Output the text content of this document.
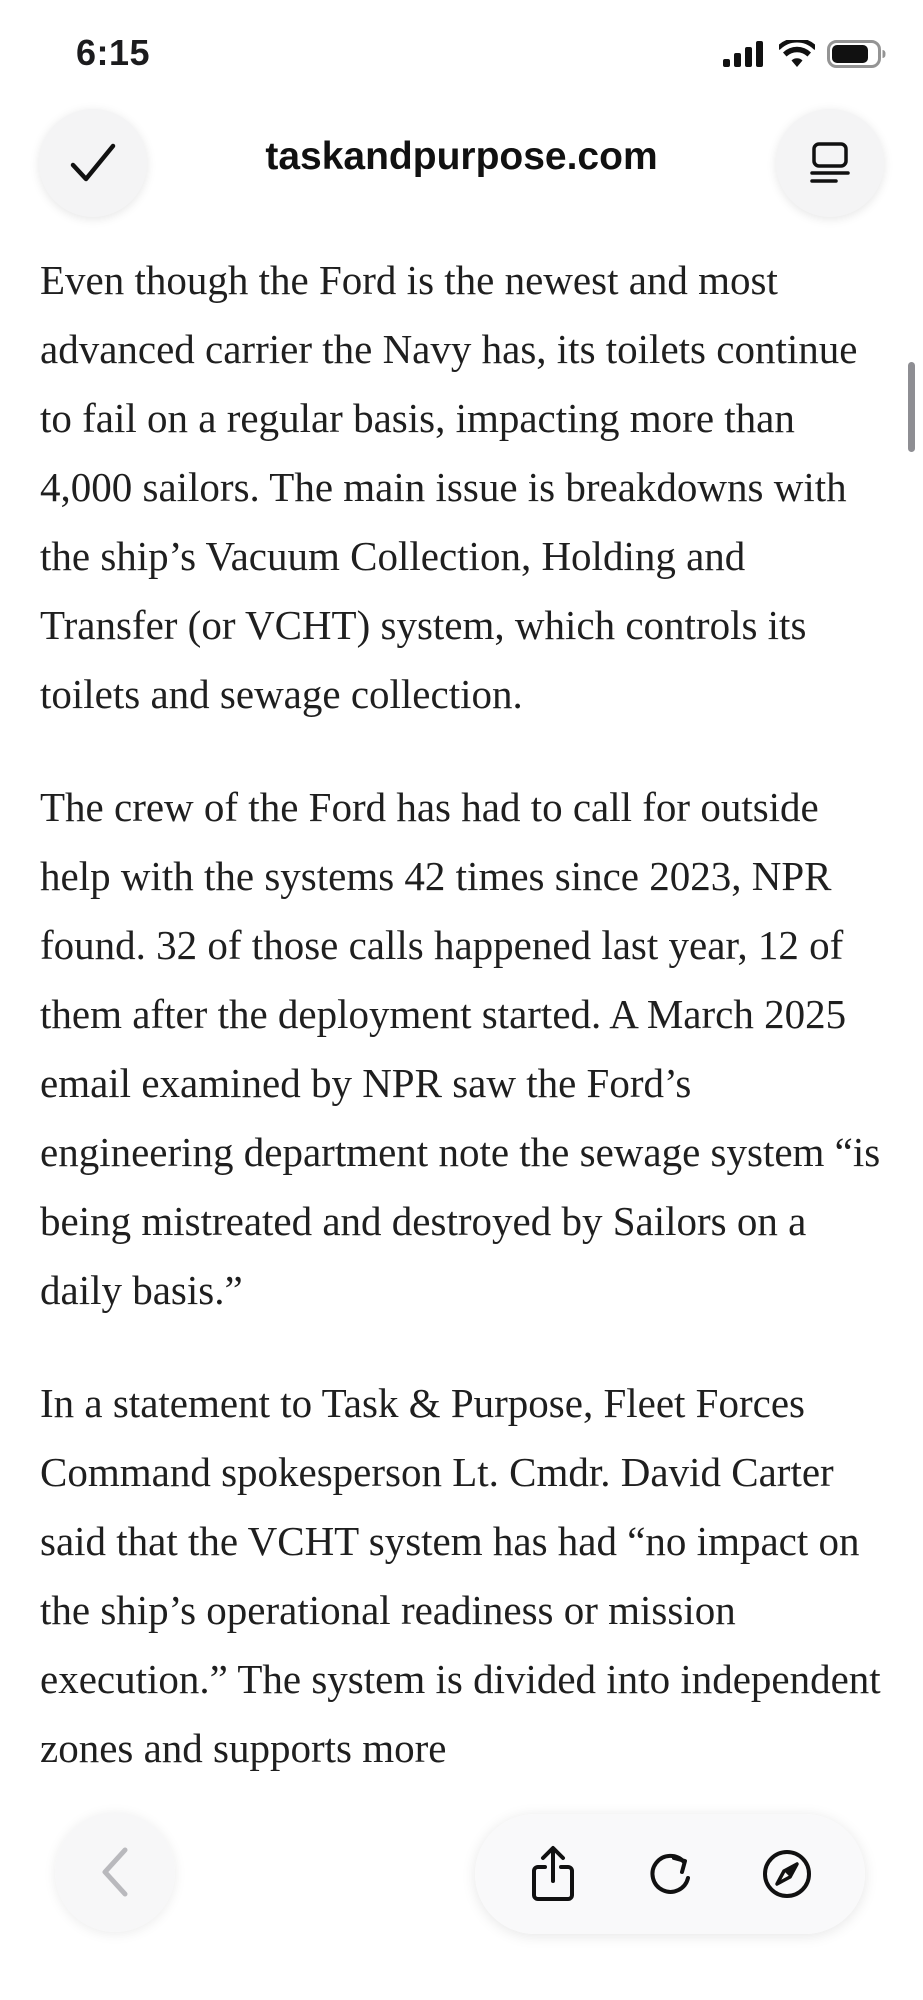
6:15
taskandpurpose.com

Even though the Ford is the newest and most advanced carrier the Navy has, its toilets continue to fail on a regular basis, impacting more than 4,000 sailors. The main issue is breakdowns with the ship’s Vacuum Collection, Holding and Transfer (or VCHT) system, which controls its toilets and sewage collection.

The crew of the Ford has had to call for outside help with the systems 42 times since 2023, NPR found. 32 of those calls happened last year, 12 of them after the deployment started. A March 2025 email examined by NPR saw the Ford’s engineering department note the sewage system “is being mistreated and destroyed by Sailors on a daily basis.”

In a statement to Task & Purpose, Fleet Forces Command spokesperson Lt. Cmdr. David Carter said that the VCHT system has had “no impact on the ship’s operational readiness or mission execution.” The system is divided into independent zones and supports more
